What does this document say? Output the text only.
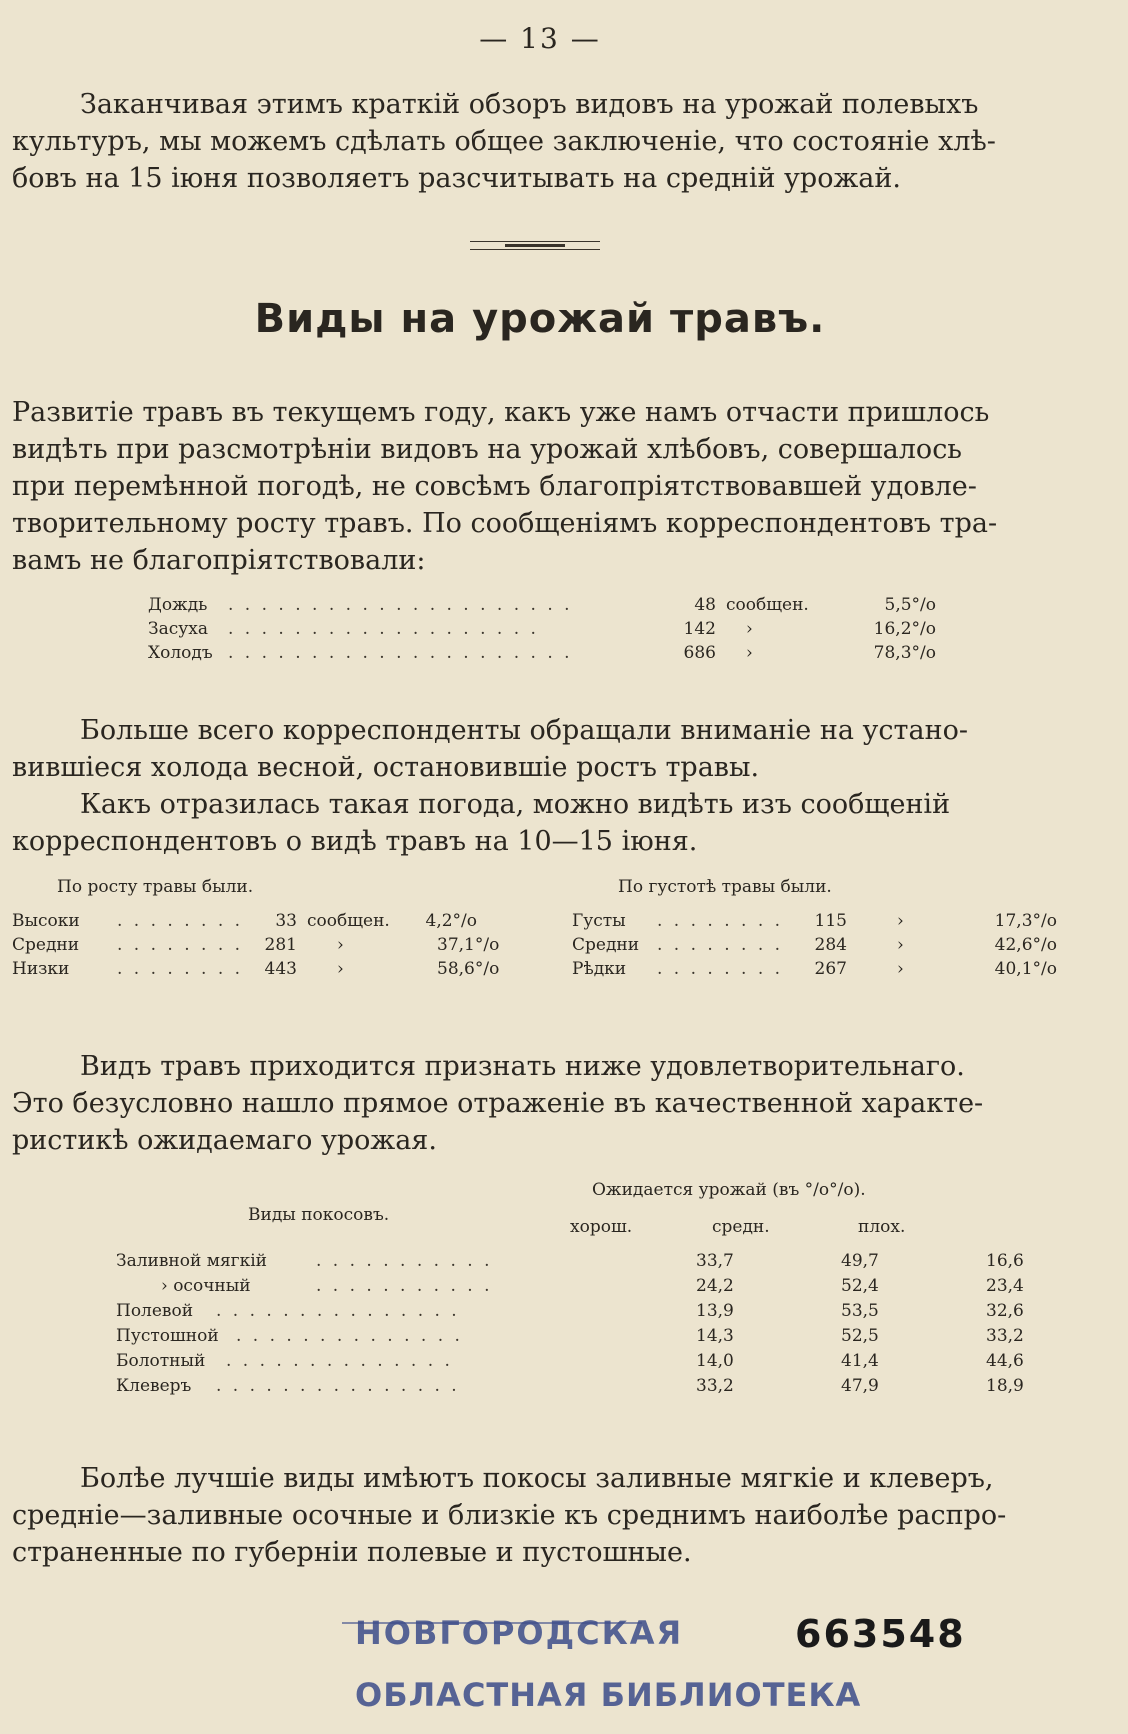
— 13 —
Заканчивая этимъ краткій обзоръ видовъ на урожай полевыхъ
культуръ, мы можемъ сдѣлать общее заключеніе, что состояніе хлѣ-
бовъ на 15 іюня позволяетъ разсчитывать на средній урожай.
Виды на урожай травъ.
Развитіе травъ въ текущемъ году, какъ уже намъ отчасти пришлось
видѣть при разсмотрѣніи видовъ на урожай хлѣбовъ, совершалось
при перемѣнной погодѣ, не совсѣмъ благопріятствовавшей удовле-
творительному росту травъ. По сообщеніямъ корреспондентовъ тра-
вамъ не благопріятствовали:
Дождь . . . . . . . . . . . . . . . . . . . . .	48 сообщен.	5,5°/o
Засуха . . . . . . . . . . . . . . . . . . .	142 ›	16,2°/o
Холодъ . . . . . . . . . . . . . . . . . . . . .	686 ›	78,3°/o
Больше всего корреспонденты обращали вниманіе на устано-
вившіеся холода весной, остановившіе ростъ травы.
Какъ отразилась такая погода, можно видѣть изъ сообщеній
корреспондентовъ о видѣ травъ на 10—15 іюня.
По росту травы были.	По густотѣ травы были.
Высоки . . . . . . . . 33 сообщен. 4,2°/o
Средни . . . . . . . . 281 ›	37,1°/o
Низки	. . . . . . . . 443 ›	58,6°/o
Густы . . . . . . . . 115	›	17,3°/o
Средни . . . . . . . . 284	›	42,6°/o
Рѣдки . . . . . . . . 267	›	40,1°/o
Видъ травъ приходится признать ниже удовлетворительнаго.
Это безусловно нашло прямое отраженіе въ качественной характе-
ристикѣ ожидаемаго урожая.
Ожидается урожай (въ °/o°/o).
Виды покосовъ.
хорош.	средн.	плох.
Заливной мягкій	. . . . . . . . . . .	33,7	49,7	16,6
› осочный	. . . . . . . . . . .	24,2	52,4	23,4
Полевой . . . . . . . . . . . . . . .	13,9	53,5	32,6
Пустошной . . . . . . . . . . . . . .	14,3	52,5	33,2
Болотный . . . . . . . . . . . . . .	14,0	41,4	44,6
Клеверъ . . . . . . . . . . . . . . .	33,2	47,9	18,9
Болѣе лучшіе виды имѣютъ покосы заливные мягкіе и клеверъ,
средніе—заливные осочные и близкіе къ среднимъ наиболѣе распро-
страненные по губерніи полевые и пустошные.
НОВГОРОДСКАЯ
ОБЛАСТНАЯ БИБЛИОТЕКА
663548
